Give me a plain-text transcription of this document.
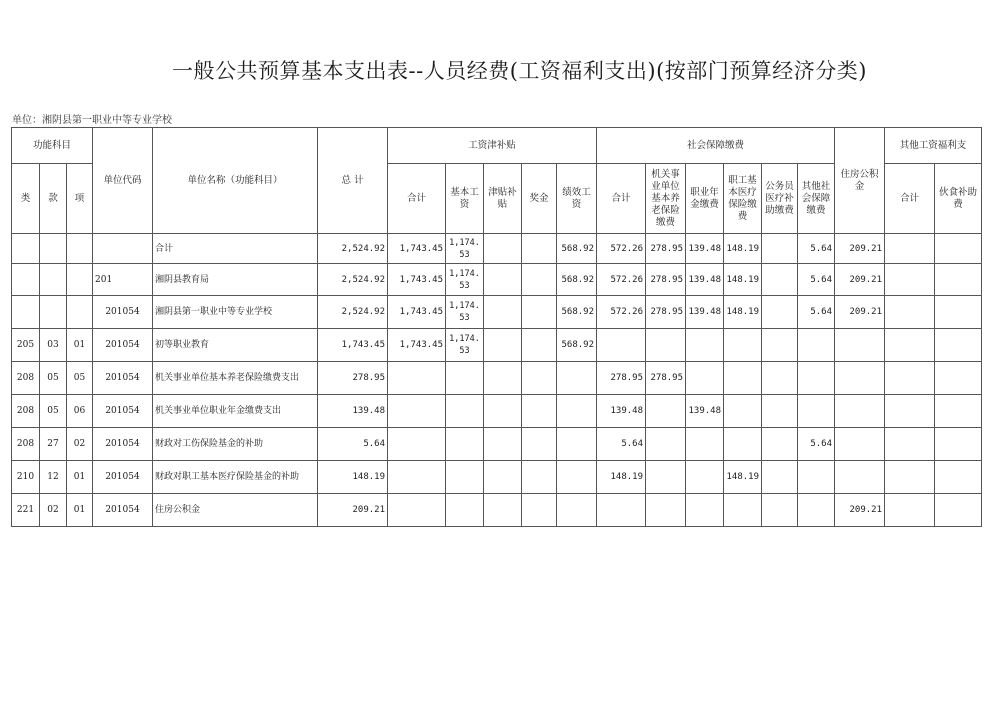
一般公共预算基本支出表--人员经费(工资福利支出)(按部门预算经济分类)
单位：湘阴县第一职业中等专业学校
功能科目			单位代码	单位名称（功能科目）	总 计	工资津补贴					社会保障缴费						住房公积金	其他工资福利支	
类	款	项				合计	基本工资	津贴补贴	奖金	绩效工资	合计	机关事业单位基本养老保险缴费	职业年金缴费	职工基本医疗保险缴费	公务员医疗补助缴费	其他社会保障缴费		合计	伙食补助费
				合计	2,524.92	1,743.45	1,174.53			568.92	572.26	278.95	139.48	148.19		5.64	209.21		
			201	湘阴县教育局	2,524.92	1,743.45	1,174.53			568.92	572.26	278.95	139.48	148.19		5.64	209.21		
			201054	湘阴县第一职业中等专业学校	2,524.92	1,743.45	1,174.53			568.92	572.26	278.95	139.48	148.19		5.64	209.21		
205	03	01	201054	初等职业教育	1,743.45	1,743.45	1,174.53			568.92									
208	05	05	201054	机关事业单位基本养老保险缴费支出	278.95						278.95	278.95							
208	05	06	201054	机关事业单位职业年金缴费支出	139.48						139.48		139.48						
208	27	02	201054	财政对工伤保险基金的补助	5.64						5.64					5.64			
210	12	01	201054	财政对职工基本医疗保险基金的补助	148.19						148.19			148.19					
221	02	01	201054	住房公积金	209.21												209.21		
